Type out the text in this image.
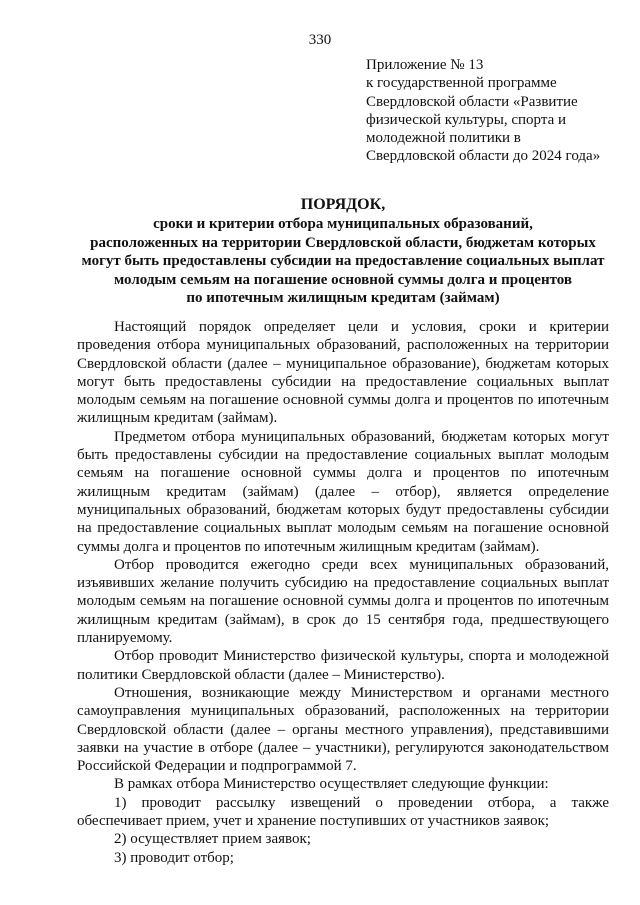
330
Приложение № 13
к государственной программе
Свердловской области «Развитие
физической культуры, спорта и
молодежной политики в
Свердловской области до 2024 года»
ПОРЯДОК,
сроки и критерии отбора муниципальных образований,
расположенных на территории Свердловской области, бюджетам которых
могут быть предоставлены субсидии на предоставление социальных выплат
молодым семьям на погашение основной суммы долга и процентов
по ипотечным жилищным кредитам (займам)
Настоящий порядок определяет цели и условия, сроки и критерии
проведения отбора муниципальных образований, расположенных на территории
Свердловской области (далее – муниципальное образование), бюджетам которых
могут быть предоставлены субсидии на предоставление социальных выплат
молодым семьям на погашение основной суммы долга и процентов по ипотечным
жилищным кредитам (займам).
Предметом отбора муниципальных образований, бюджетам которых могут
быть предоставлены субсидии на предоставление социальных выплат молодым
семьям на погашение основной суммы долга и процентов по ипотечным
жилищным кредитам (займам) (далее – отбор), является определение
муниципальных образований, бюджетам которых будут предоставлены субсидии
на предоставление социальных выплат молодым семьям на погашение основной
суммы долга и процентов по ипотечным жилищным кредитам (займам).
Отбор проводится ежегодно среди всех муниципальных образований,
изъявивших желание получить субсидию на предоставление социальных выплат
молодым семьям на погашение основной суммы долга и процентов по ипотечным
жилищным кредитам (займам), в срок до 15 сентября года, предшествующего
планируемому.
Отбор проводит Министерство физической культуры, спорта и молодежной
политики Свердловской области (далее – Министерство).
Отношения, возникающие между Министерством и органами местного
самоуправления муниципальных образований, расположенных на территории
Свердловской области (далее – органы местного управления), представившими
заявки на участие в отборе (далее – участники), регулируются законодательством
Российской Федерации и подпрограммой 7.
В рамках отбора Министерство осуществляет следующие функции:
1) проводит рассылку извещений о проведении отбора, а также
обеспечивает прием, учет и хранение поступивших от участников заявок;
2) осуществляет прием заявок;
3) проводит отбор;
